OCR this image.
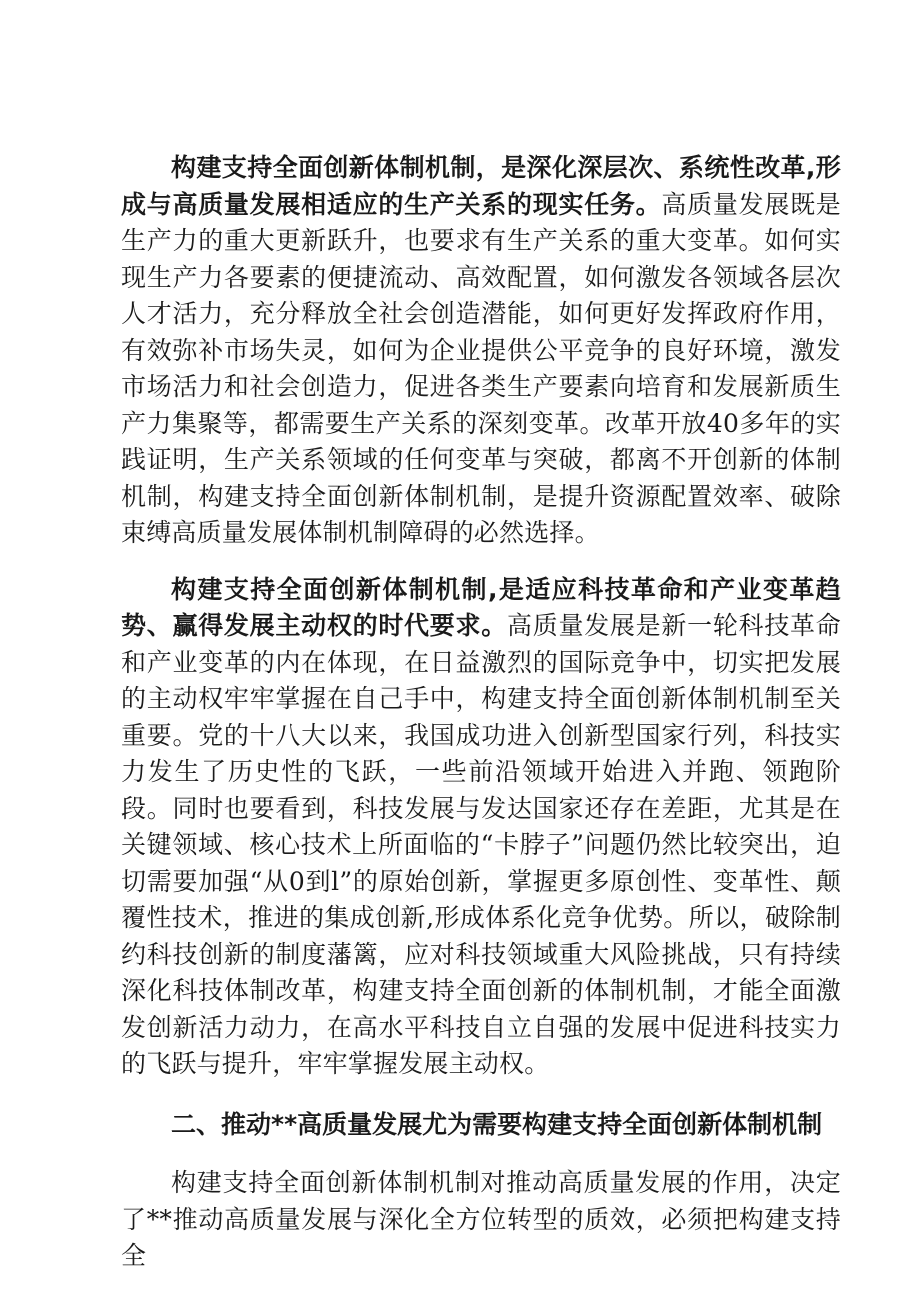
构建支持全面创新体制机制，是深化深层次、系统性改革,形成与高质量发展相适应的生产关系的现实任务。高质量发展既是生产力的重大更新跃升，也要求有生产关系的重大变革。如何实现生产力各要素的便捷流动、高效配置，如何激发各领域各层次人才活力，充分释放全社会创造潜能，如何更好发挥政府作用，有效弥补市场失灵，如何为企业提供公平竞争的良好环境，激发市场活力和社会创造力，促进各类生产要素向培育和发展新质生产力集聚等，都需要生产关系的深刻变革。改革开放40多年的实践证明，生产关系领域的任何变革与突破，都离不开创新的体制机制，构建支持全面创新体制机制，是提升资源配置效率、破除束缚高质量发展体制机制障碍的必然选择。

构建支持全面创新体制机制,是适应科技革命和产业变革趋势、赢得发展主动权的时代要求。高质量发展是新一轮科技革命和产业变革的内在体现，在日益激烈的国际竞争中，切实把发展的主动权牢牢掌握在自己手中，构建支持全面创新体制机制至关重要。党的十八大以来，我国成功进入创新型国家行列，科技实力发生了历史性的飞跃，一些前沿领域开始进入并跑、领跑阶段。同时也要看到，科技发展与发达国家还存在差距，尤其是在关键领域、核心技术上所面临的“卡脖子”问题仍然比较突出，迫切需要加强“从0到l”的原始创新，掌握更多原创性、变革性、颠覆性技术，推进的集成创新,形成体系化竞争优势。所以，破除制约科技创新的制度藩篱，应对科技领域重大风险挑战，只有持续深化科技体制改革，构建支持全面创新的体制机制，才能全面激发创新活力动力，在高水平科技自立自强的发展中促进科技实力的飞跃与提升，牢牢掌握发展主动权。

二、推动**高质量发展尤为需要构建支持全面创新体制机制

构建支持全面创新体制机制对推动高质量发展的作用，决定了**推动高质量发展与深化全方位转型的质效，必须把构建支持全
